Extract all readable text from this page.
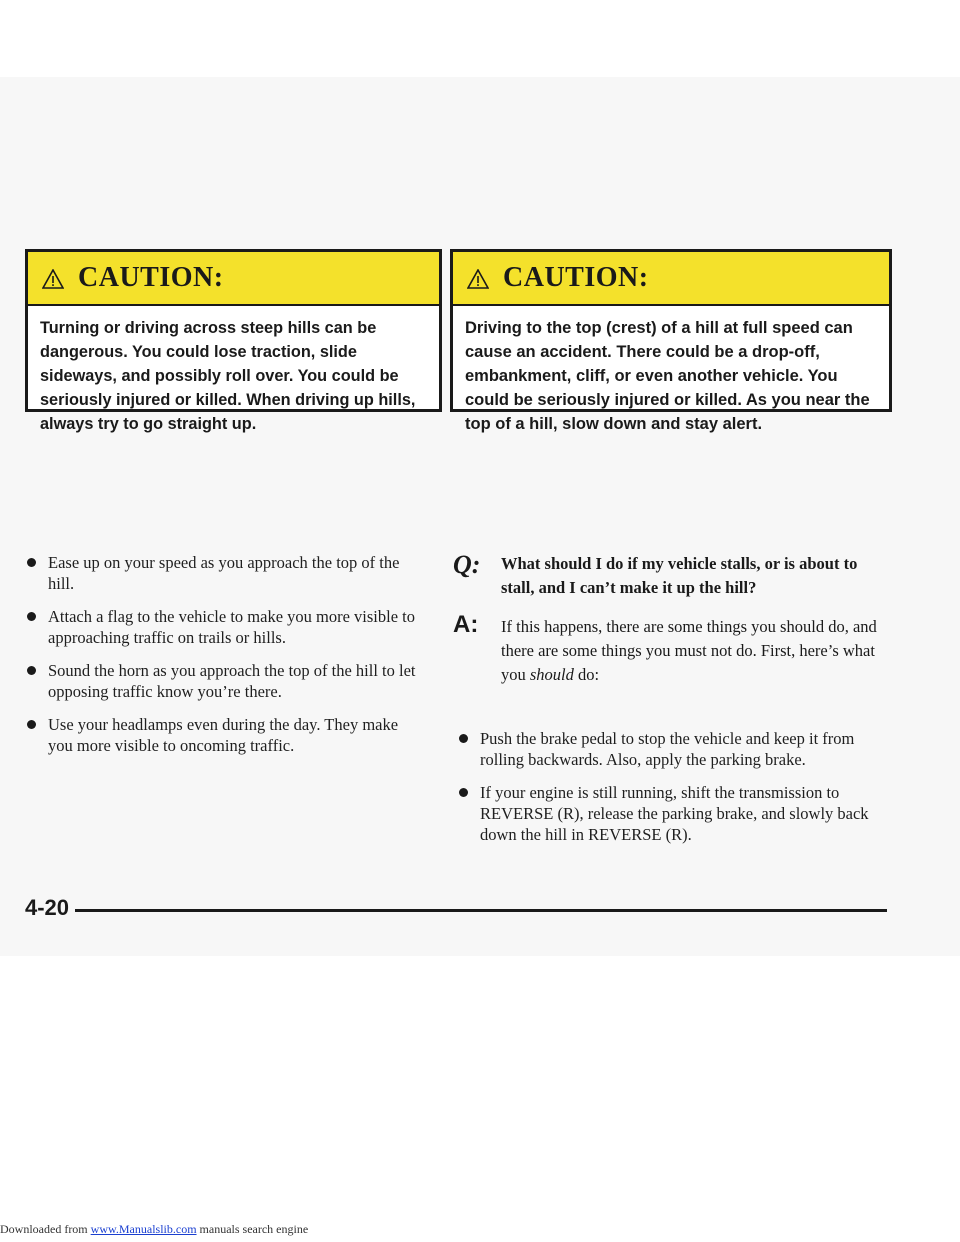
CAUTION:
Turning or driving across steep hills can be dangerous. You could lose traction, slide sideways, and possibly roll over. You could be seriously injured or killed. When driving up hills, always try to go straight up.
CAUTION:
Driving to the top (crest) of a hill at full speed can cause an accident. There could be a drop-off, embankment, cliff, or even another vehicle. You could be seriously injured or killed. As you near the top of a hill, slow down and stay alert.
Ease up on your speed as you approach the top of the hill.
Attach a flag to the vehicle to make you more visible to approaching traffic on trails or hills.
Sound the horn as you approach the top of the hill to let opposing traffic know you’re there.
Use your headlamps even during the day. They make you more visible to oncoming traffic.
Q: What should I do if my vehicle stalls, or is about to stall, and I can’t make it up the hill?
A: If this happens, there are some things you should do, and there are some things you must not do. First, here’s what you should do:
Push the brake pedal to stop the vehicle and keep it from rolling backwards. Also, apply the parking brake.
If your engine is still running, shift the transmission to REVERSE (R), release the parking brake, and slowly back down the hill in REVERSE (R).
4-20
Downloaded from www.Manualslib.com manuals search engine
